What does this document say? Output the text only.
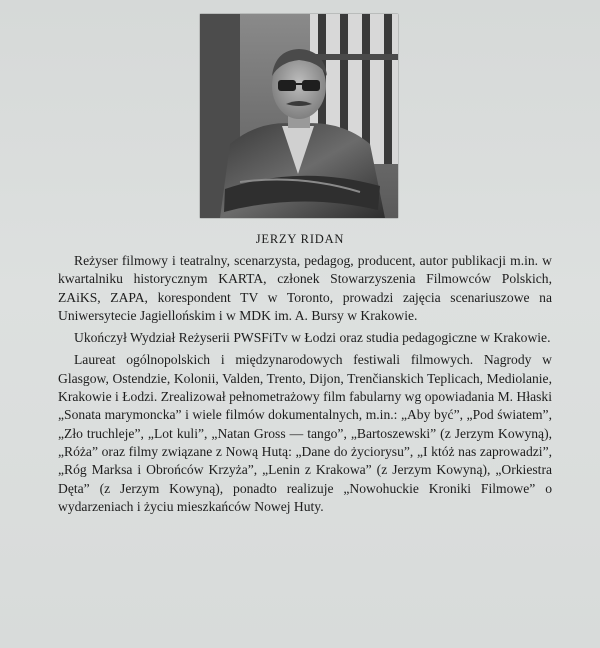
JERZY RIDAN

Reżyser filmowy i teatralny, scenarzysta, pedagog, producent, autor publikacji m.in. w kwartalniku historycznym KARTA, członek Stowarzyszenia Filmowców Polskich, ZAiKS, ZAPA, korespondent TV w Toronto, prowadzi zajęcia scenariuszowe na Uniwersytecie Jagiellońskim i w MDK im. A. Bursy w Krakowie.

Ukończył Wydział Reżyserii PWSFiTv w Łodzi oraz studia pedagogiczne w Krakowie.

Laureat ogólnopolskich i międzynarodowych festiwali filmowych. Nagrody w Glasgow, Ostendzie, Kolonii, Valden, Trento, Dijon, Trenčianskich Teplicach, Mediolanie, Krakowie i Łodzi. Zrealizował pełnometrażowy film fabularny wg opowiadania M. Hłaski „Sonata marymoncka” i wiele filmów dokumentalnych, m.in.: „Aby być”, „Pod światem”, „Zło truchleje”, „Lot kuli”, „Natan Gross — tango”, „Bartoszewski” (z Jerzym Kowyną), „Róża” oraz filmy związane z Nową Hutą: „Dane do życiorysu”, „I któż nas zaprowadzi”, „Róg Marksa i Obrońców Krzyża”, „Lenin z Krakowa” (z Jerzym Kowyną), „Orkiestra Dęta” (z Jerzym Kowyną), ponadto realizuje „Nowohuckie Kroniki Filmowe” o wydarzeniach i życiu mieszkańców Nowej Huty.
